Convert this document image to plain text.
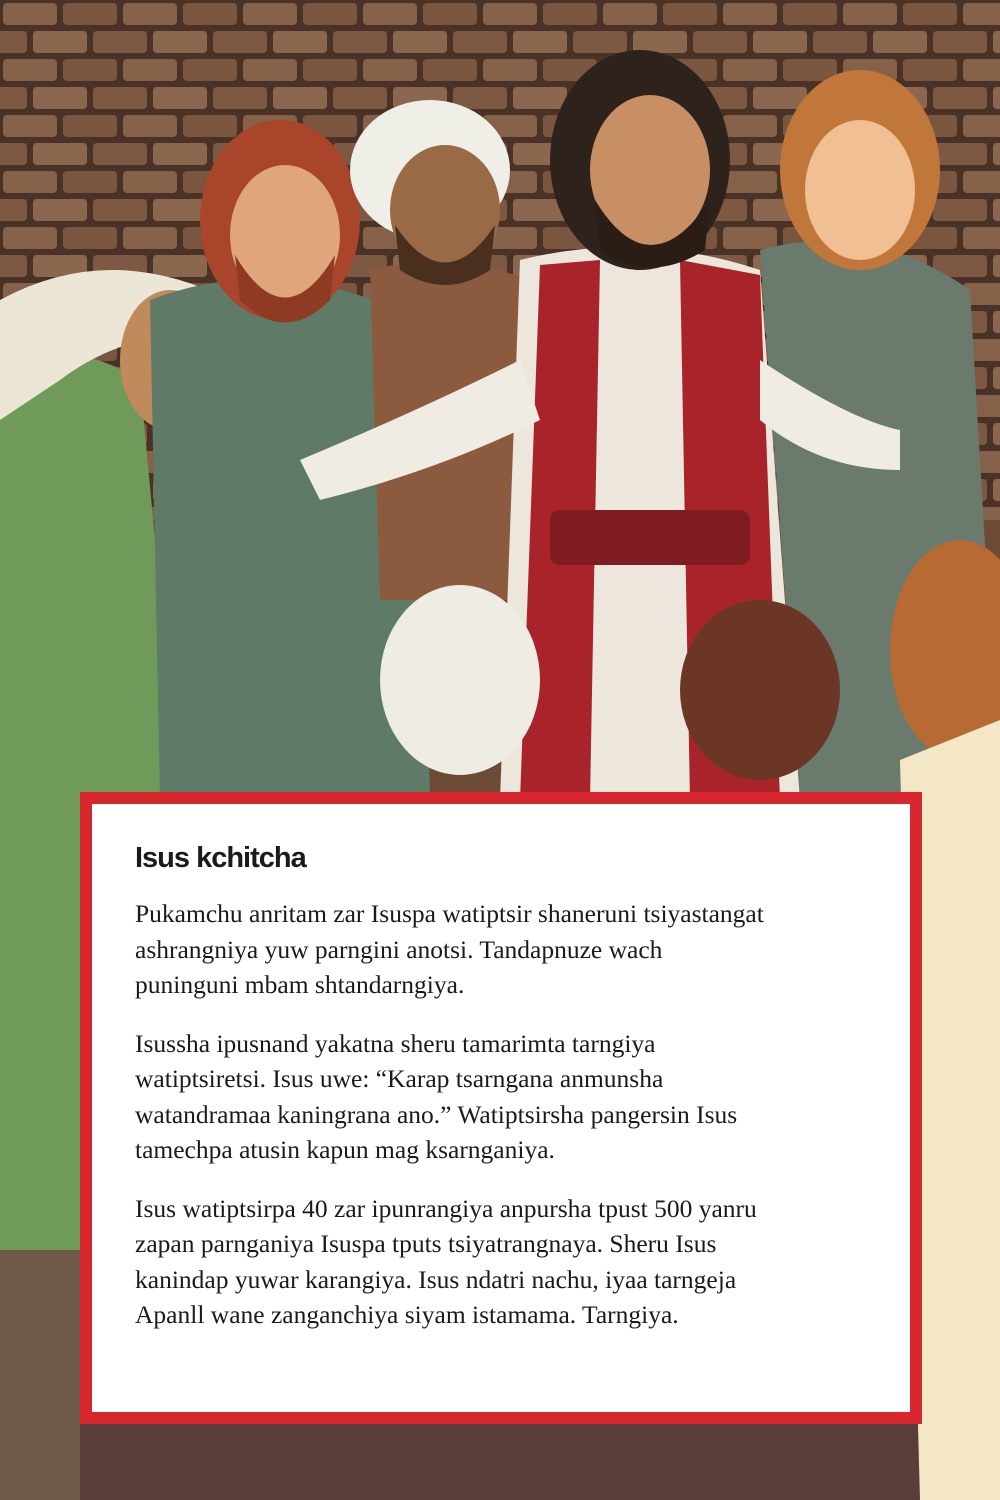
Isus kchitcha

Pukamchu anritam zar Isuspa watiptsir shaneruni tsiyastangat
ashrangniya yuw parngini anotsi. Tandapnuze wach
puninguni mbam shtandarngiya.

Isussha ipusnand yakatna sheru tamarimta tarngiya
watiptsiretsi. Isus uwe: “Karap tsarngana anmunsha
watandramaa kaningrana ano.” Watiptsirsha pangersin Isus
tamechpa atusin kapun mag ksarnganiya.

Isus watiptsirpa 40 zar ipunrangiya anpursha tpust 500 yanru
zapan parnganiya Isuspa tputs tsiyatrangnaya. Sheru Isus
kanindap yuwar karangiya. Isus ndatri nachu, iyaa tarngeja
Apanll wane zanganchiya siyam istamama. Tarngiya.
